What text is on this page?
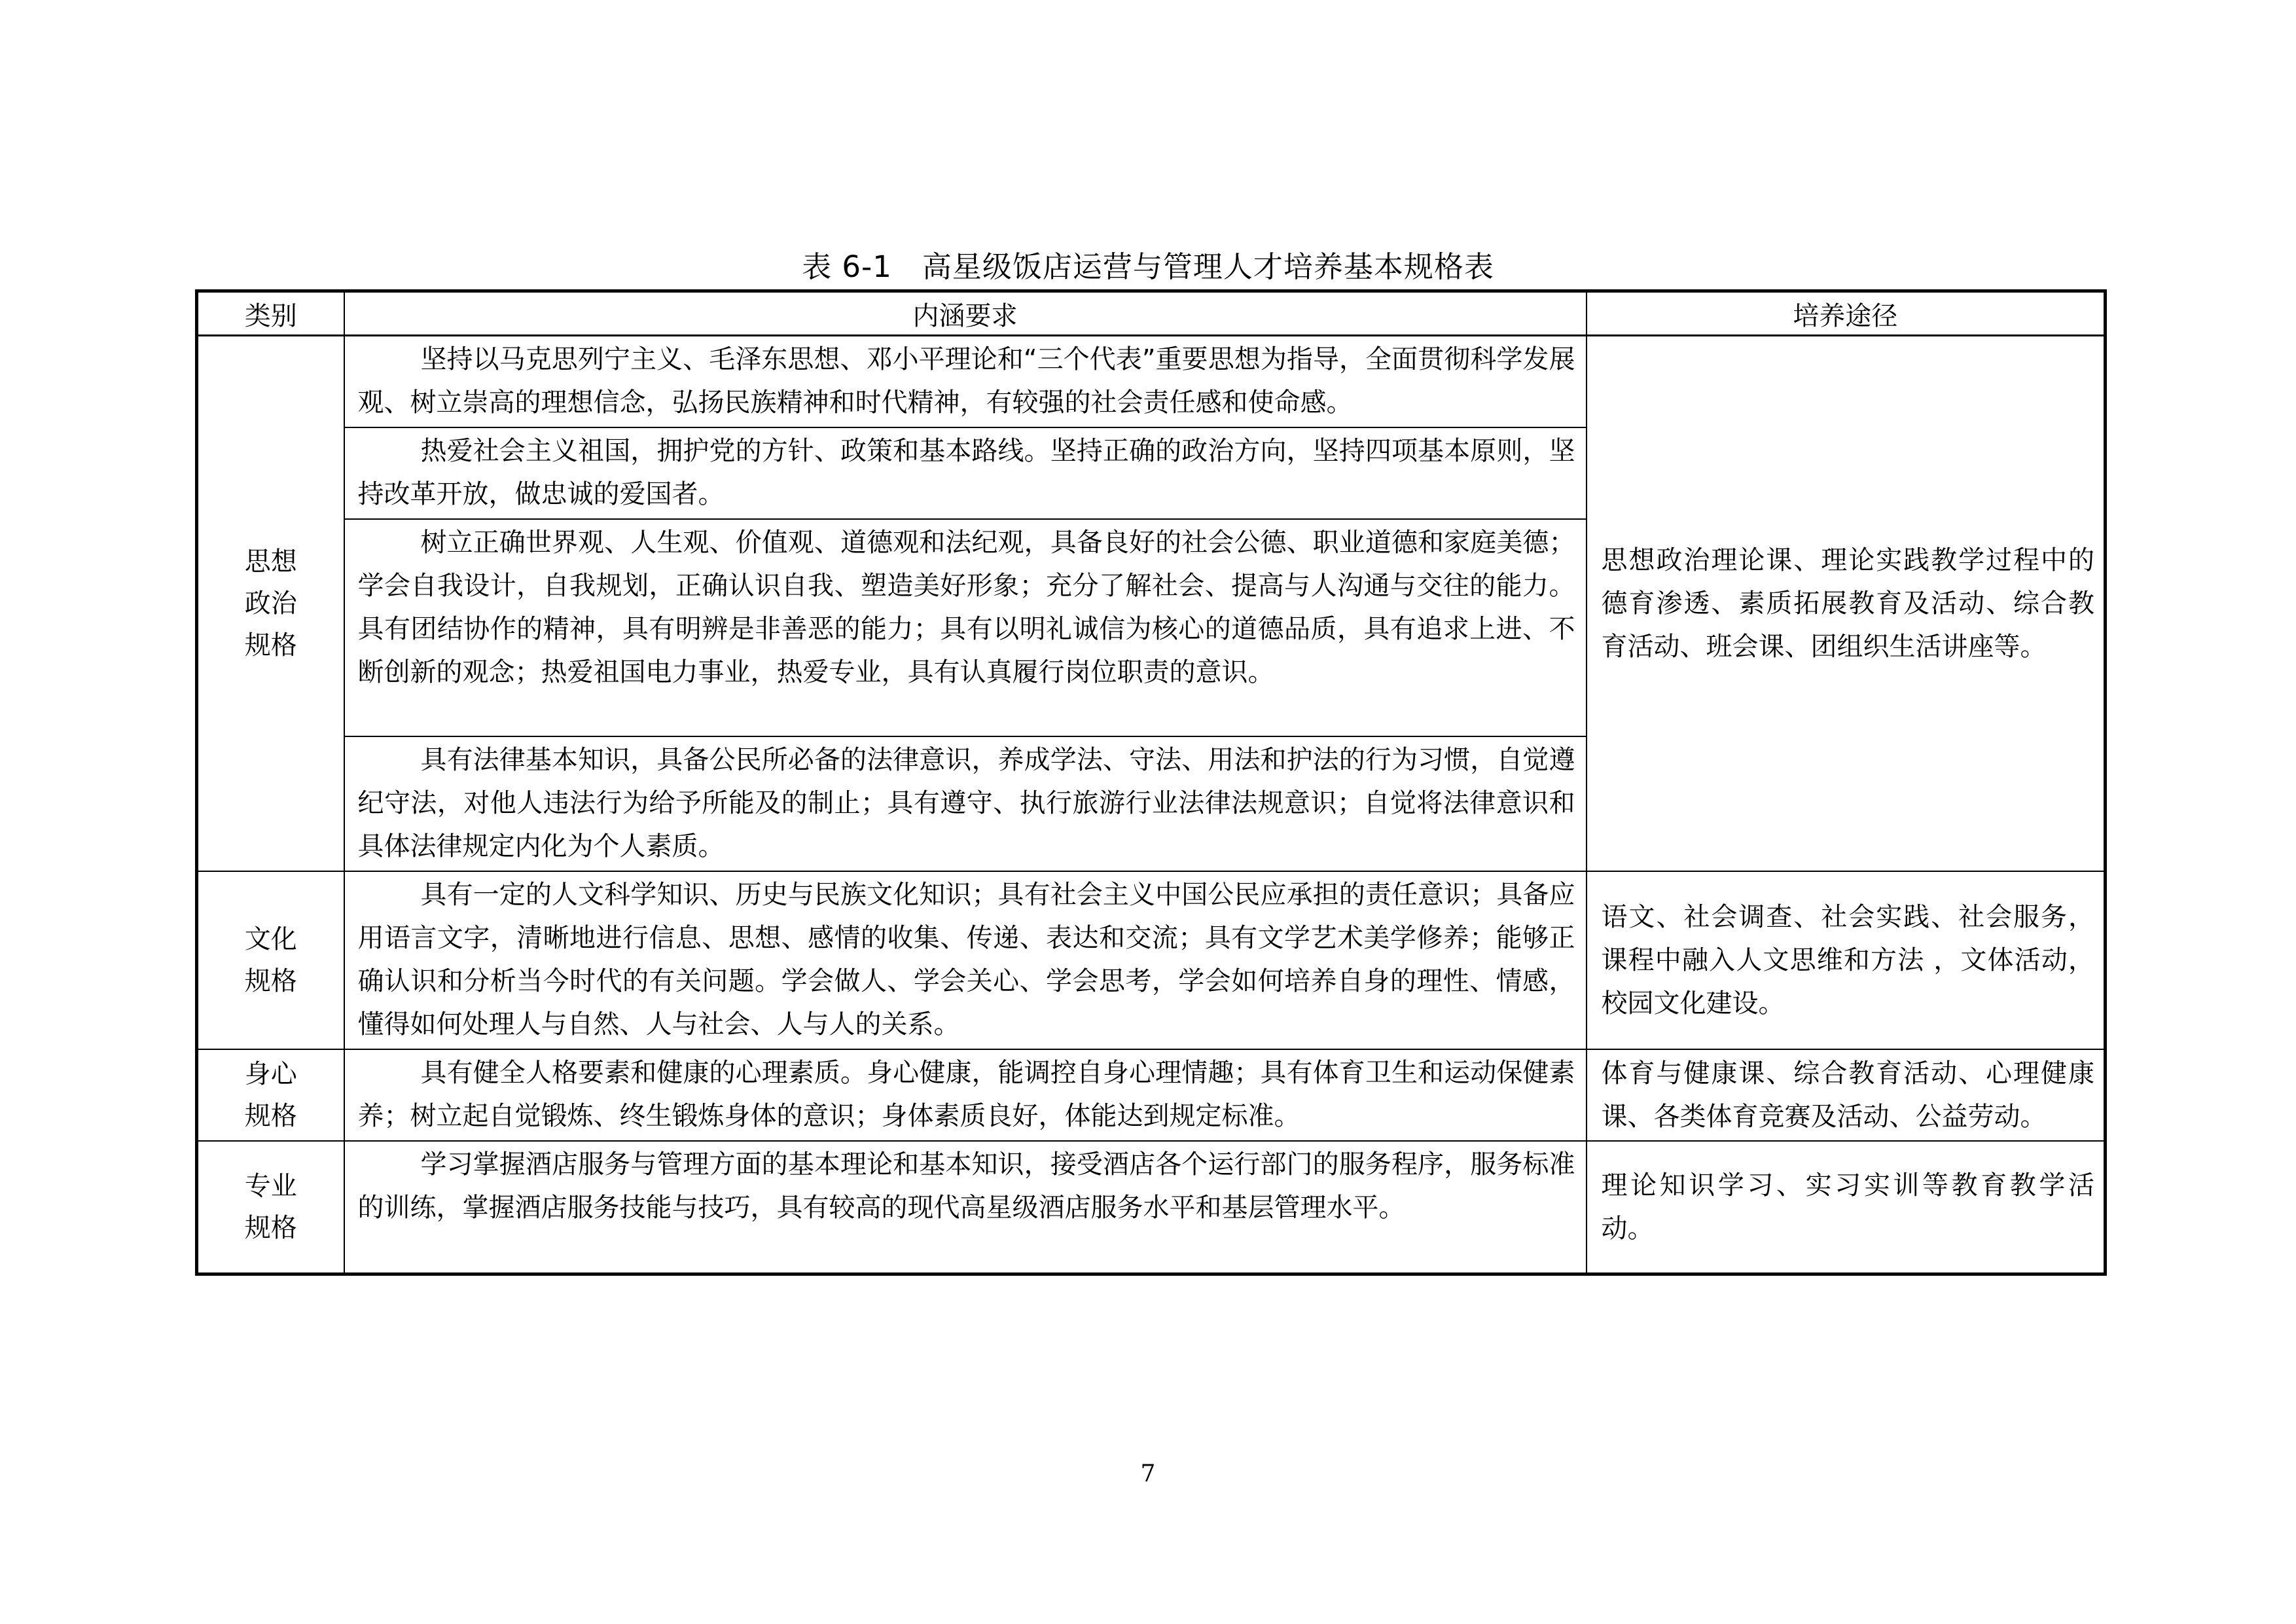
表 6-1　高星级饭店运营与管理人才培养基本规格表
类别	内涵要求	培养途径
思想政治规格	坚持以马克思列宁主义、毛泽东思想、邓小平理论和“三个代表”重要思想为指导，全面贯彻科学发展观、树立崇高的理想信念，弘扬民族精神和时代精神，有较强的社会责任感和使命感。	思想政治理论课、理论实践教学过程中的德育渗透、素质拓展教育及活动、综合教育活动、班会课、团组织生活讲座等。
	热爱社会主义祖国，拥护党的方针、政策和基本路线。坚持正确的政治方向，坚持四项基本原则，坚持改革开放，做忠诚的爱国者。	
	树立正确世界观、人生观、价值观、道德观和法纪观，具备良好的社会公德、职业道德和家庭美德；学会自我设计，自我规划，正确认识自我、塑造美好形象；充分了解社会、提高与人沟通与交往的能力。具有团结协作的精神，具有明辨是非善恶的能力；具有以明礼诚信为核心的道德品质，具有追求上进、不断创新的观念；热爱祖国电力事业，热爱专业，具有认真履行岗位职责的意识。	
	具有法律基本知识，具备公民所必备的法律意识，养成学法、守法、用法和护法的行为习惯，自觉遵纪守法，对他人违法行为给予所能及的制止；具有遵守、执行旅游行业法律法规意识；自觉将法律意识和具体法律规定内化为个人素质。	
文化规格	具有一定的人文科学知识、历史与民族文化知识；具有社会主义中国公民应承担的责任意识；具备应用语言文字，清晰地进行信息、思想、感情的收集、传递、表达和交流；具有文学艺术美学修养；能够正确认识和分析当今时代的有关问题。学会做人、学会关心、学会思考，学会如何培养自身的理性、情感，懂得如何处理人与自然、人与社会、人与人的关系。	语文、社会调查、社会实践、社会服务，课程中融入人文思维和方法 ，文体活动，校园文化建设。
身心规格	具有健全人格要素和健康的心理素质。身心健康，能调控自身心理情趣；具有体育卫生和运动保健素养；树立起自觉锻炼、终生锻炼身体的意识；身体素质良好，体能达到规定标准。	体育与健康课、综合教育活动、心理健康课、各类体育竞赛及活动、公益劳动。
专业规格	学习掌握酒店服务与管理方面的基本理论和基本知识，接受酒店各个运行部门的服务程序，服务标准的训练，掌握酒店服务技能与技巧，具有较高的现代高星级酒店服务水平和基层管理水平。	理论知识学习、实习实训等教育教学活动。
7
